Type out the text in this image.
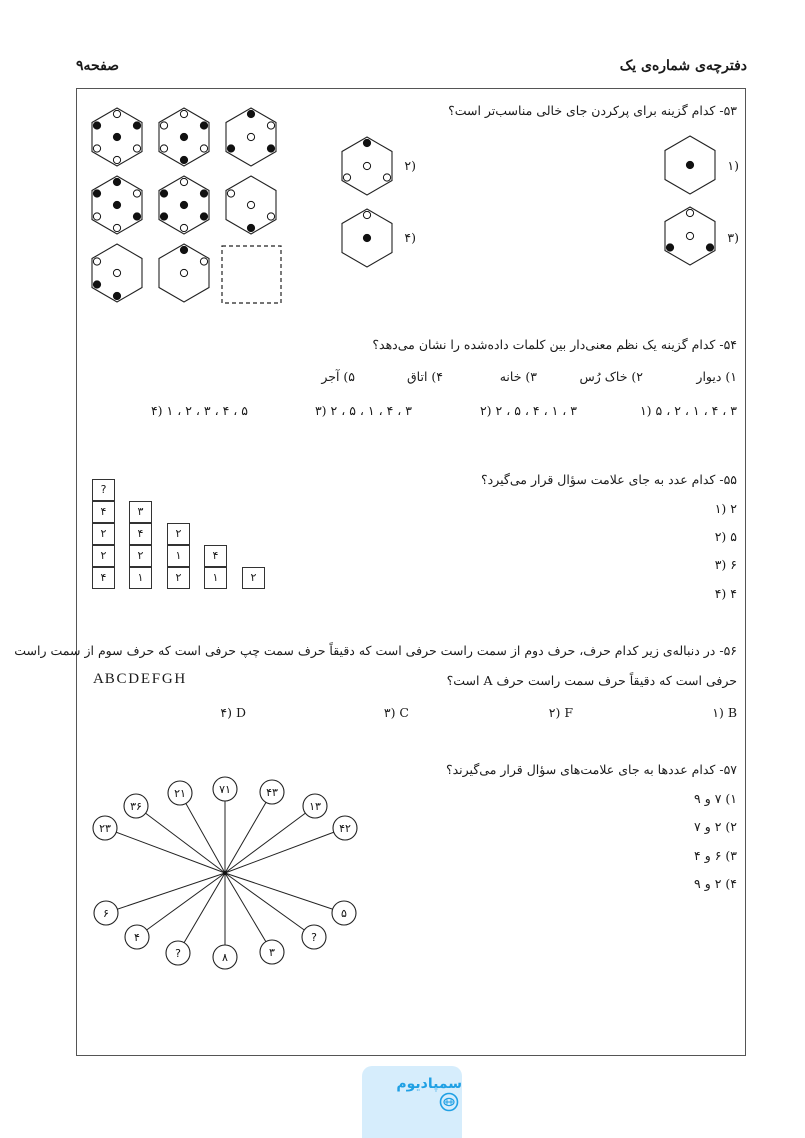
دفترچه‌ی شماره‌ی یک
صفحه۹
۵۳- کدام گزینه برای پرکردن جای خالی مناسب‌تر است؟
۱)
۲)
۳)
۴)
۵۴- کدام گزینه یک نظم معنی‌دار بین کلمات داده‌شده را نشان می‌دهد؟
۱) دیوار
۲) خاک رُس
۳) خانه
۴) اتاق
۵) آجر
۱) ۵ ، ۲ ، ۱ ، ۴ ، ۳
۲) ۲ ، ۵ ، ۴ ، ۱ ، ۳
۳) ۲ ، ۵ ، ۱ ، ۴ ، ۳
۴) ۱ ، ۲ ، ۳ ، ۴ ، ۵
۵۵- کدام عدد به جای علامت سؤال قرار می‌گیرد؟
۱) ۲
۲) ۵
۳) ۶
۴) ۴
۴
۲
۲
۴
?
۱
۲
۴
۳
۲
۱
۲
۱
۴
۲
۵۶- در دنباله‌ی زیر کدام حرف، حرف دوم از سمت راست حرفی است که دقیقاً حرف سمت چپ حرفی است که حرف سوم از سمت راست
حرفی است که دقیقاً حرف سمت راست حرف A است؟
A B C D E F G H
۱) B
۲) F
۳) C
۴) D
۵۷- کدام عددها به جای علامت‌های سؤال قرار می‌گیرند؟
۱) ۷ و ۹
۲) ۲ و ۷
۳) ۶ و ۴
۴) ۲ و ۹
۲۳
۳۶
۲۱	۷۱	۴۳
۱۳
۴۲
۶
۴
?	۸	۳
?
۵
سمپادیوم
